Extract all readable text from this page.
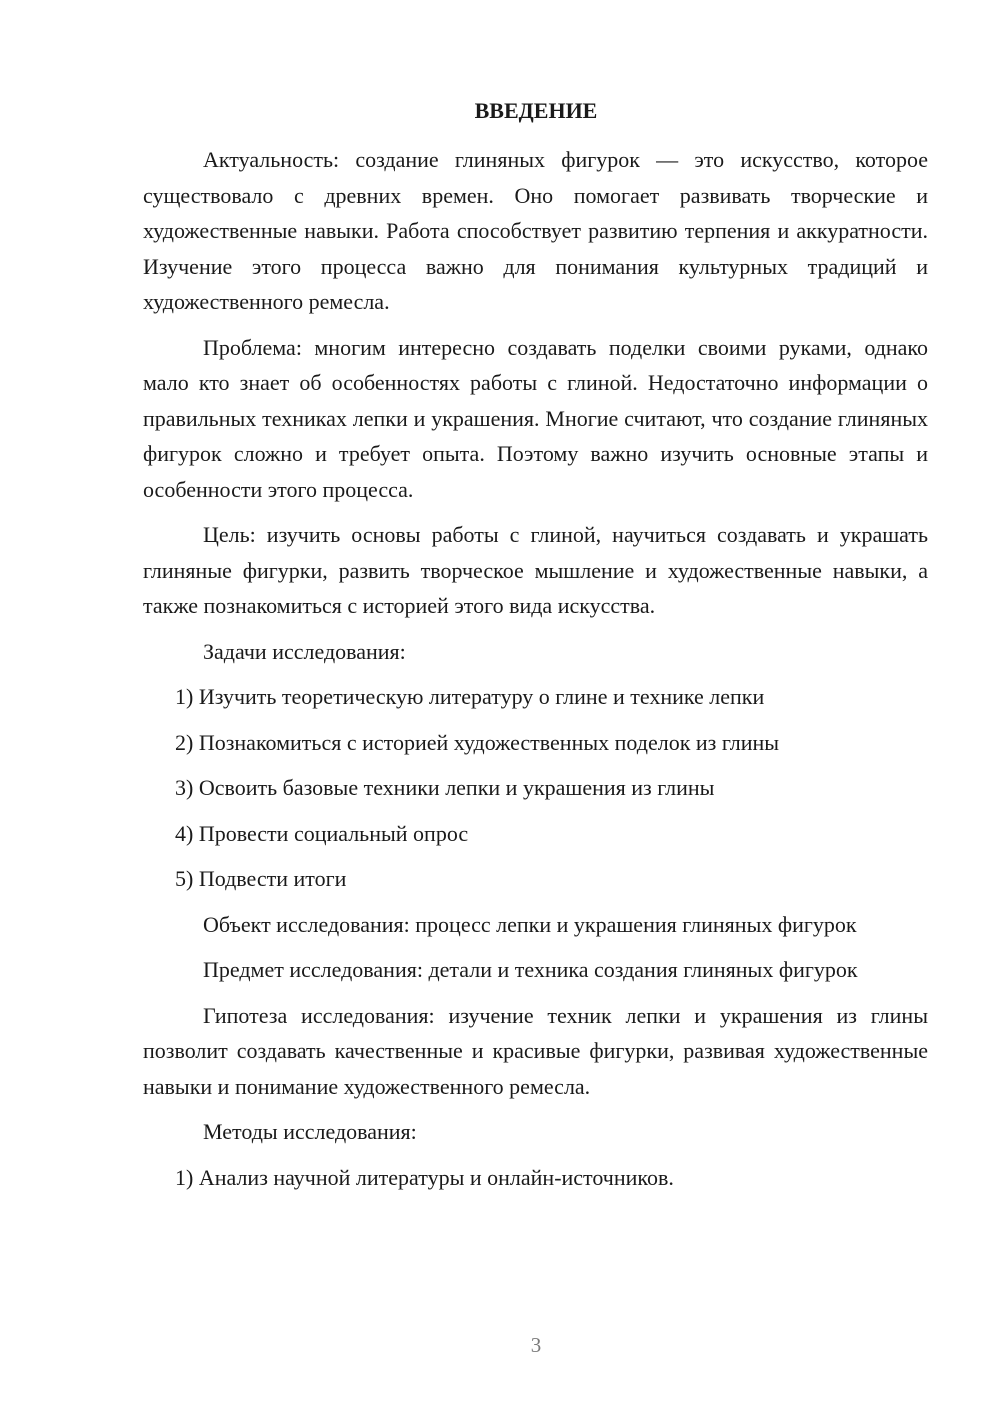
ВВЕДЕНИЕ

Актуальность: создание глиняных фигурок — это искусство, которое существовало с древних времен. Оно помогает развивать творческие и художественные навыки. Работа способствует развитию терпения и аккуратности. Изучение этого процесса важно для понимания культурных традиций и художественного ремесла.

Проблема: многим интересно создавать поделки своими руками, однако мало кто знает об особенностях работы с глиной. Недостаточно информации о правильных техниках лепки и украшения. Многие считают, что создание глиняных фигурок сложно и требует опыта. Поэтому важно изучить основные этапы и особенности этого процесса.

Цель: изучить основы работы с глиной, научиться создавать и украшать глиняные фигурки, развить творческое мышление и художественные навыки, а также познакомиться с историей этого вида искусства.

Задачи исследования:

1) Изучить теоретическую литературу о глине и технике лепки
2) Познакомиться с историей художественных поделок из глины
3) Освоить базовые техники лепки и украшения из глины
4) Провести социальный опрос
5) Подвести итоги

Объект исследования: процесс лепки и украшения глиняных фигурок

Предмет исследования: детали и техника создания глиняных фигурок

Гипотеза исследования: изучение техник лепки и украшения из глины позволит создавать качественные и красивые фигурки, развивая художественные навыки и понимание художественного ремесла.

Методы исследования:

1) Анализ научной литературы и онлайн-источников.
3
